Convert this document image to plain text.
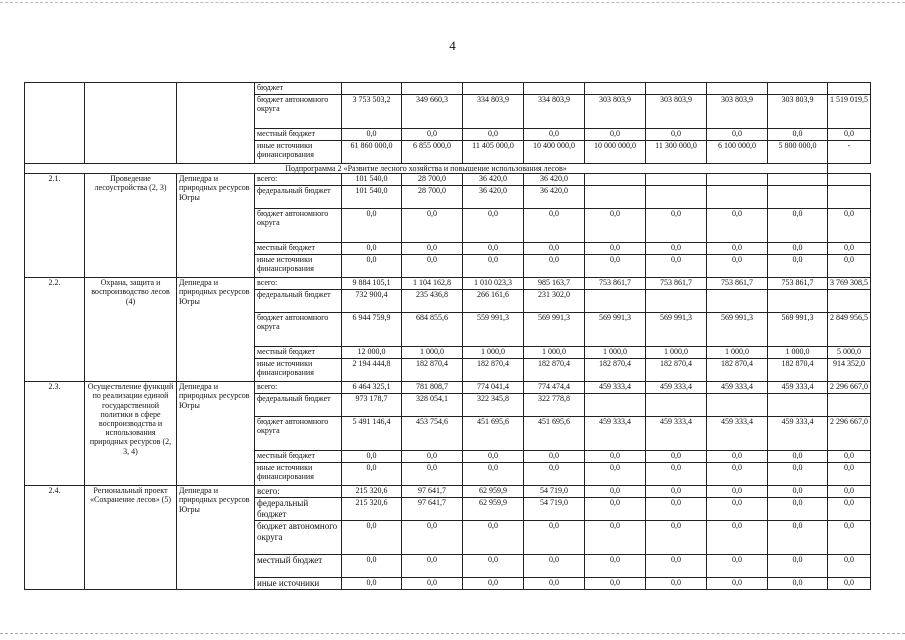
4
			бюджет									
			бюджет автономного округа	3 753 503,2	349 660,3	334 803,9	334 803,9	303 803,9	303 803,9	303 803,9	303 803,9	1 519 019,5
			местный бюджет	0,0	0,0	0,0	0,0	0,0	0,0	0,0	0,0	0,0
			иные источники финансирования	61 860 000,0	6 855 000,0	11 405 000,0	10 400 000,0	10 000 000,0	11 300 000,0	6 100 000,0	5 800 000,0	-
Подпрограмма 2 «Развитие лесного хозяйства и повышение использования лесов»												
2.1.	Проведение лесоустройства (2, 3)	Депнедра и природных ресурсов Югры	всего:	101 540,0	28 700,0	36 420,0	36 420,0					
			федеральный бюджет	101 540,0	28 700,0	36 420,0	36 420,0					
			бюджет автономного округа	0,0	0,0	0,0	0,0	0,0	0,0	0,0	0,0	0,0
			местный бюджет	0,0	0,0	0,0	0,0	0,0	0,0	0,0	0,0	0,0
			иные источники финансирования	0,0	0,0	0,0	0,0	0,0	0,0	0,0	0,0	0,0
2.2.	Охрана, защита и воспроизводство лесов (4)	Депнедра и природных ресурсов Югры	всего:	9 884 105,1	1 104 162,8	1 010 023,3	985 163,7	753 861,7	753 861,7	753 861,7	753 861,7	3 769 308,5
			федеральный бюджет	732 900,4	235 436,8	266 161,6	231 302,0					
			бюджет автономного округа	6 944 759,9	684 855,6	559 991,3	569 991,3	569 991,3	569 991,3	569 991,3	569 991,3	2 849 956,5
			местный бюджет	12 000,0	1 000,0	1 000,0	1 000,0	1 000,0	1 000,0	1 000,0	1 000,0	5 000,0
			иные источники финансирования	2 194 444,8	182 870,4	182 870,4	182 870,4	182 870,4	182 870,4	182 870,4	182 870,4	914 352,0
2.3.	Осуществление функций по реализации единой государственной политики в сфере воспроизводства и использования природных ресурсов (2, 3, 4)	Депнедра и природных ресурсов Югры	всего:	6 464 325,1	781 808,7	774 041,4	774 474,4	459 333,4	459 333,4	459 333,4	459 333,4	2 296 667,0
			федеральный бюджет	973 178,7	328 054,1	322 345,8	322 778,8					
			бюджет автономного округа	5 491 146,4	453 754,6	451 695,6	451 695,6	459 333,4	459 333,4	459 333,4	459 333,4	2 296 667,0
			местный бюджет	0,0	0,0	0,0	0,0	0,0	0,0	0,0	0,0	0,0
			иные источники финансирования	0,0	0,0	0,0	0,0	0,0	0,0	0,0	0,0	0,0
2.4.	Региональный проект «Сохранение лесов» (5)	Депнедра и природных ресурсов Югры	всего:	215 320,6	97 641,7	62 959,9	54 719,0	0,0	0,0	0,0	0,0	0,0
			федеральный бюджет	215 320,6	97 641,7	62 959,9	54 719,0	0,0	0,0	0,0	0,0	0,0
			бюджет автономного округа	0,0	0,0	0,0	0,0	0,0	0,0	0,0	0,0	0,0
			местный бюджет	0,0	0,0	0,0	0,0	0,0	0,0	0,0	0,0	0,0
			иные источники	0,0	0,0	0,0	0,0	0,0	0,0	0,0	0,0	0,0
